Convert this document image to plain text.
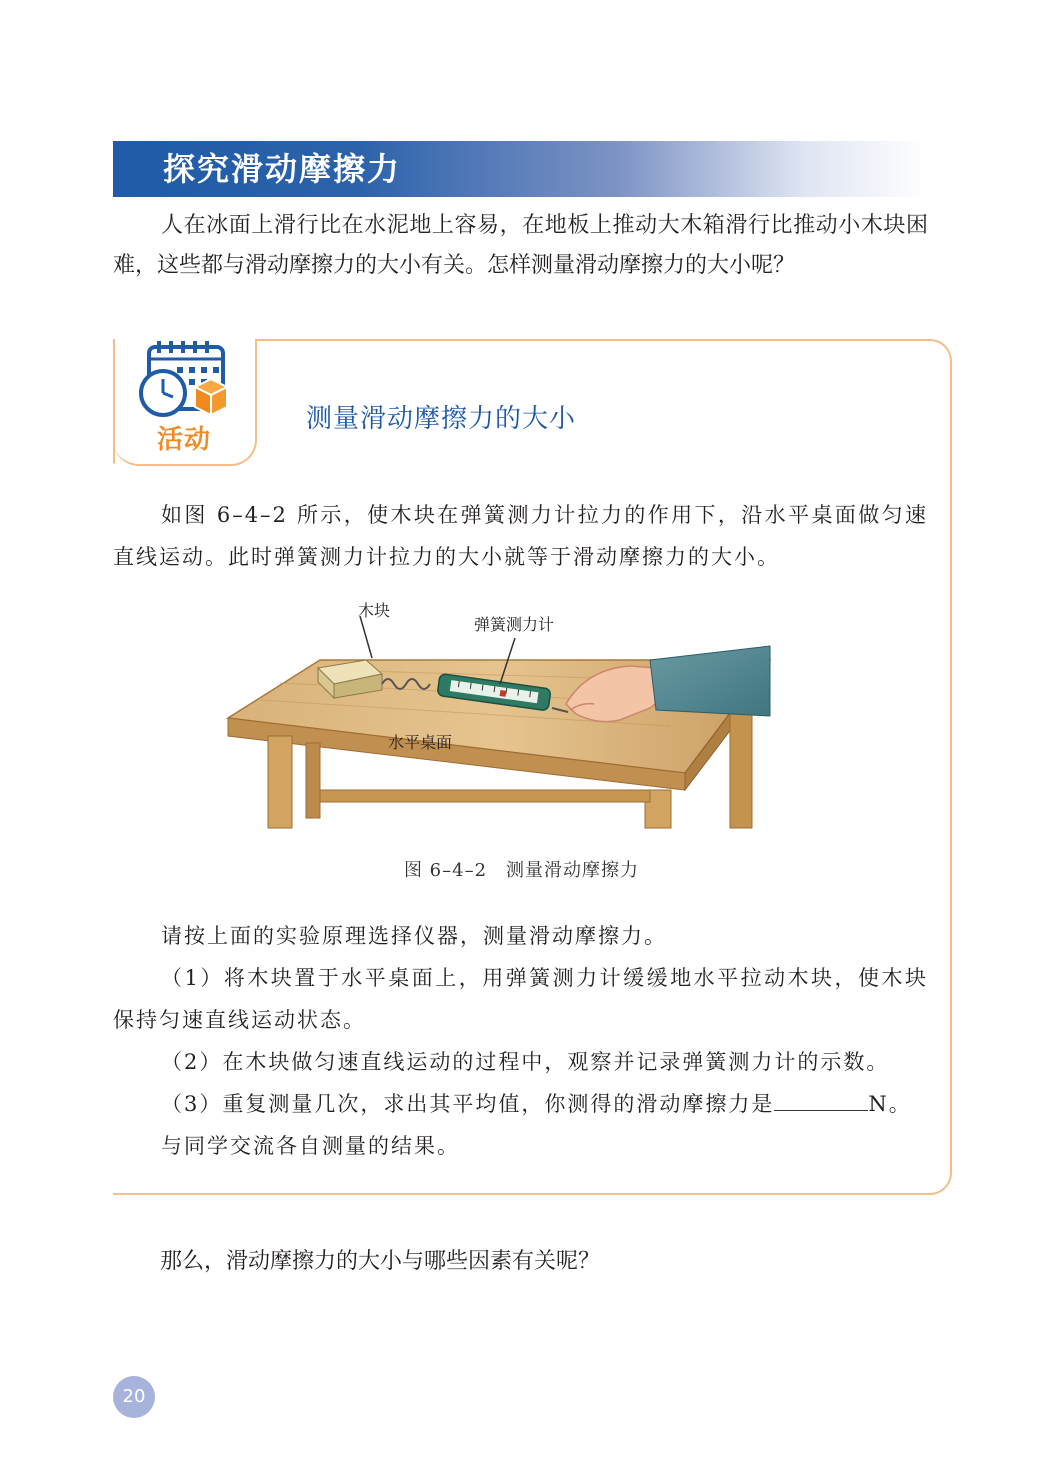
探究滑动摩擦力

人在冰面上滑行比在水泥地上容易，在地板上推动大木箱滑行比推动小木块困难，这些都与滑动摩擦力的大小有关。怎样测量滑动摩擦力的大小呢？

活动
测量滑动摩擦力的大小

如图 6–4–2 所示，使木块在弹簧测力计拉力的作用下，沿水平桌面做匀速直线运动。此时弹簧测力计拉力的大小就等于滑动摩擦力的大小。

木块
弹簧测力计
水平桌面
图 6–4–2　测量滑动摩擦力
请按上面的实验原理选择仪器，测量滑动摩擦力。
（1）将木块置于水平桌面上，用弹簧测力计缓缓地水平拉动木块，使木块保持匀速直线运动状态。
（2）在木块做匀速直线运动的过程中，观察并记录弹簧测力计的示数。
（3）重复测量几次，求出其平均值，你测得的滑动摩擦力是	N。
与同学交流各自测量的结果。

那么，滑动摩擦力的大小与哪些因素有关呢？

20
